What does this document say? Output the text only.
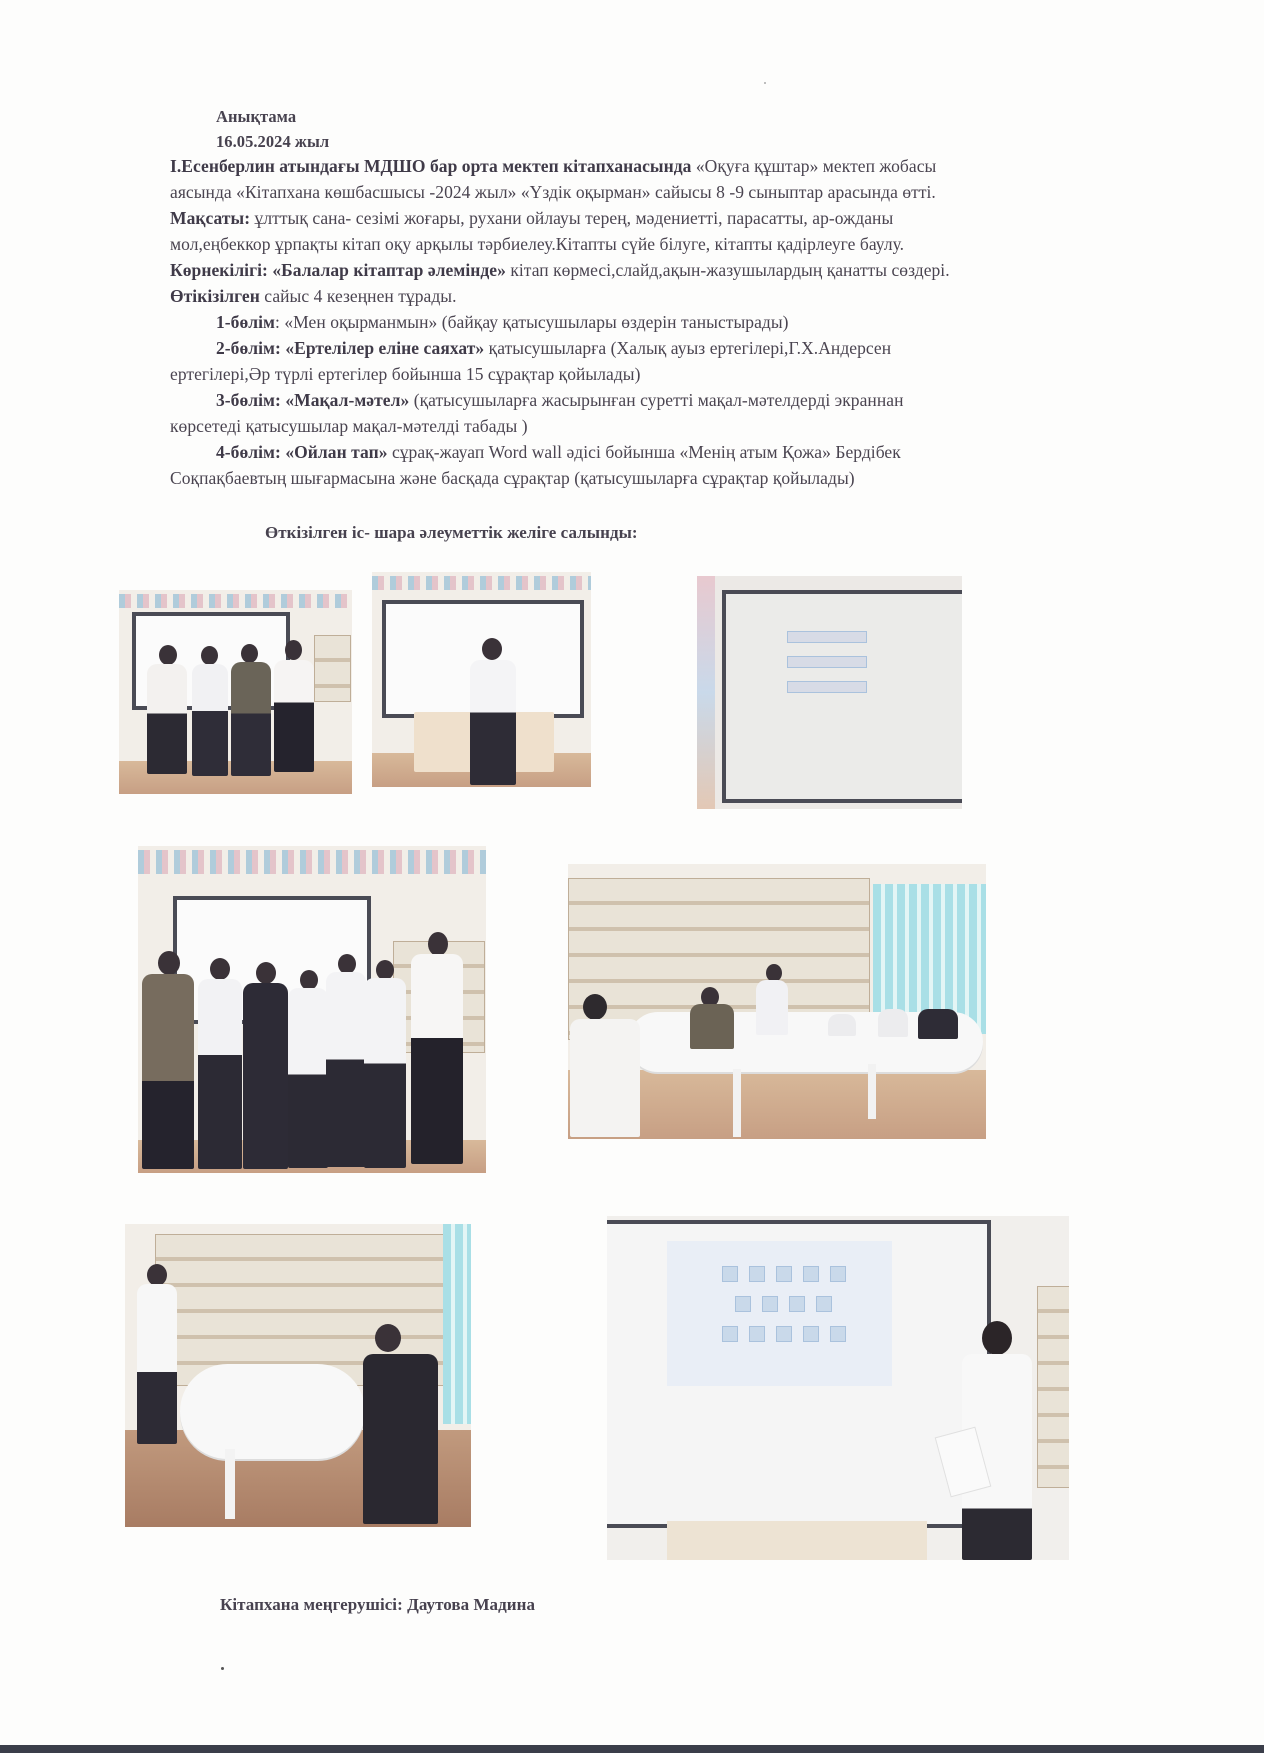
Анықтама
16.05.2024 жыл
І.Есенберлин атындағы МДШО бар орта мектеп кітапханасында «Оқуға құштар» мектеп жобасы
аясында «Кітапхана көшбасшысы -2024 жыл» «Үздік оқырман» сайысы 8 -9 сыныптар арасында өтті.
Мақсаты: ұлттық сана- сезімі жоғары, рухани ойлауы терең, мәдениетті, парасатты, ар-ожданы
мол,еңбеккор ұрпақты кітап оқу арқылы тәрбиелеу.Кітапты сүйе білуге, кітапты қадірлеуге баулу.
Көрнекілігі: «Балалар кітаптар әлемінде» кітап көрмесі,слайд,ақын-жазушылардың қанатты сөздері.
Өтікізілген сайыс 4 кезеңнен тұрады.
1-бөлім: «Мен оқырманмын» (байқау қатысушылары өздерін таныстырады)
2-бөлім: «Ертелілер еліне саяхат» қатысушыларға (Халық ауыз ертегілері,Г.Х.Андерсен
ертегілері,Әр түрлі ертегілер бойынша 15 сұрақтар қойылады)
3-бөлім: «Мақал-мәтел» (қатысушыларға жасырынған суретті мақал-мәтелдерді экраннан
көрсетеді қатысушылар мақал-мәтелді табады )
4-бөлім: «Ойлан тап» сұрақ-жауап Word wall әдісі бойынша «Менің атым Қожа» Бердібек
Соқпақбаевтың шығармасына және басқада сұрақтар (қатысушыларға сұрақтар қойылады)
Өткізілген іс- шара әлеуметтік желіге салынды:
Кітапхана меңгерушісі: Даутова Мадина
